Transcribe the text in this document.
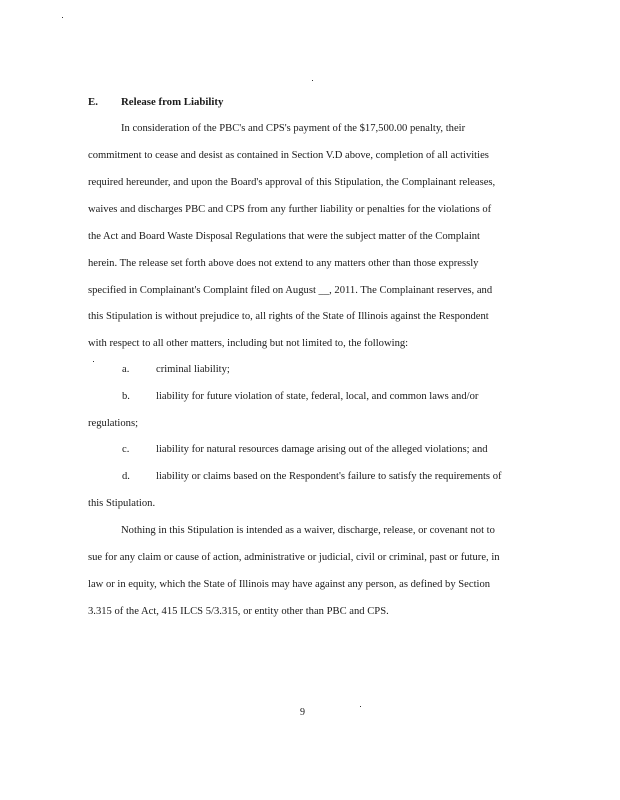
E. Release from Liability
In consideration of the PBC's and CPS's payment of the $17,500.00 penalty, their
commitment to cease and desist as contained in Section V.D above, completion of all activities
required hereunder, and upon the Board's approval of this Stipulation, the Complainant releases,
waives and discharges PBC and CPS from any further liability or penalties for the violations of
the Act and Board Waste Disposal Regulations that were the subject matter of the Complaint
herein. The release set forth above does not extend to any matters other than those expressly
specified in Complainant's Complaint filed on August __, 2011. The Complainant reserves, and
this Stipulation is without prejudice to, all rights of the State of Illinois against the Respondent
with respect to all other matters, including but not limited to, the following:
a.	criminal liability;
b. liability for future violation of state, federal, local, and common laws and/or
regulations;
c.	liability for natural resources damage arising out of the alleged violations; and
d. liability or claims based on the Respondent's failure to satisfy the requirements of
this Stipulation.
Nothing in this Stipulation is intended as a waiver, discharge, release, or covenant not to
sue for any claim or cause of action, administrative or judicial, civil or criminal, past or future, in
law or in equity, which the State of Illinois may have against any person, as defined by Section
3.315 of the Act, 415 ILCS 5/3.315, or entity other than PBC and CPS.
9
